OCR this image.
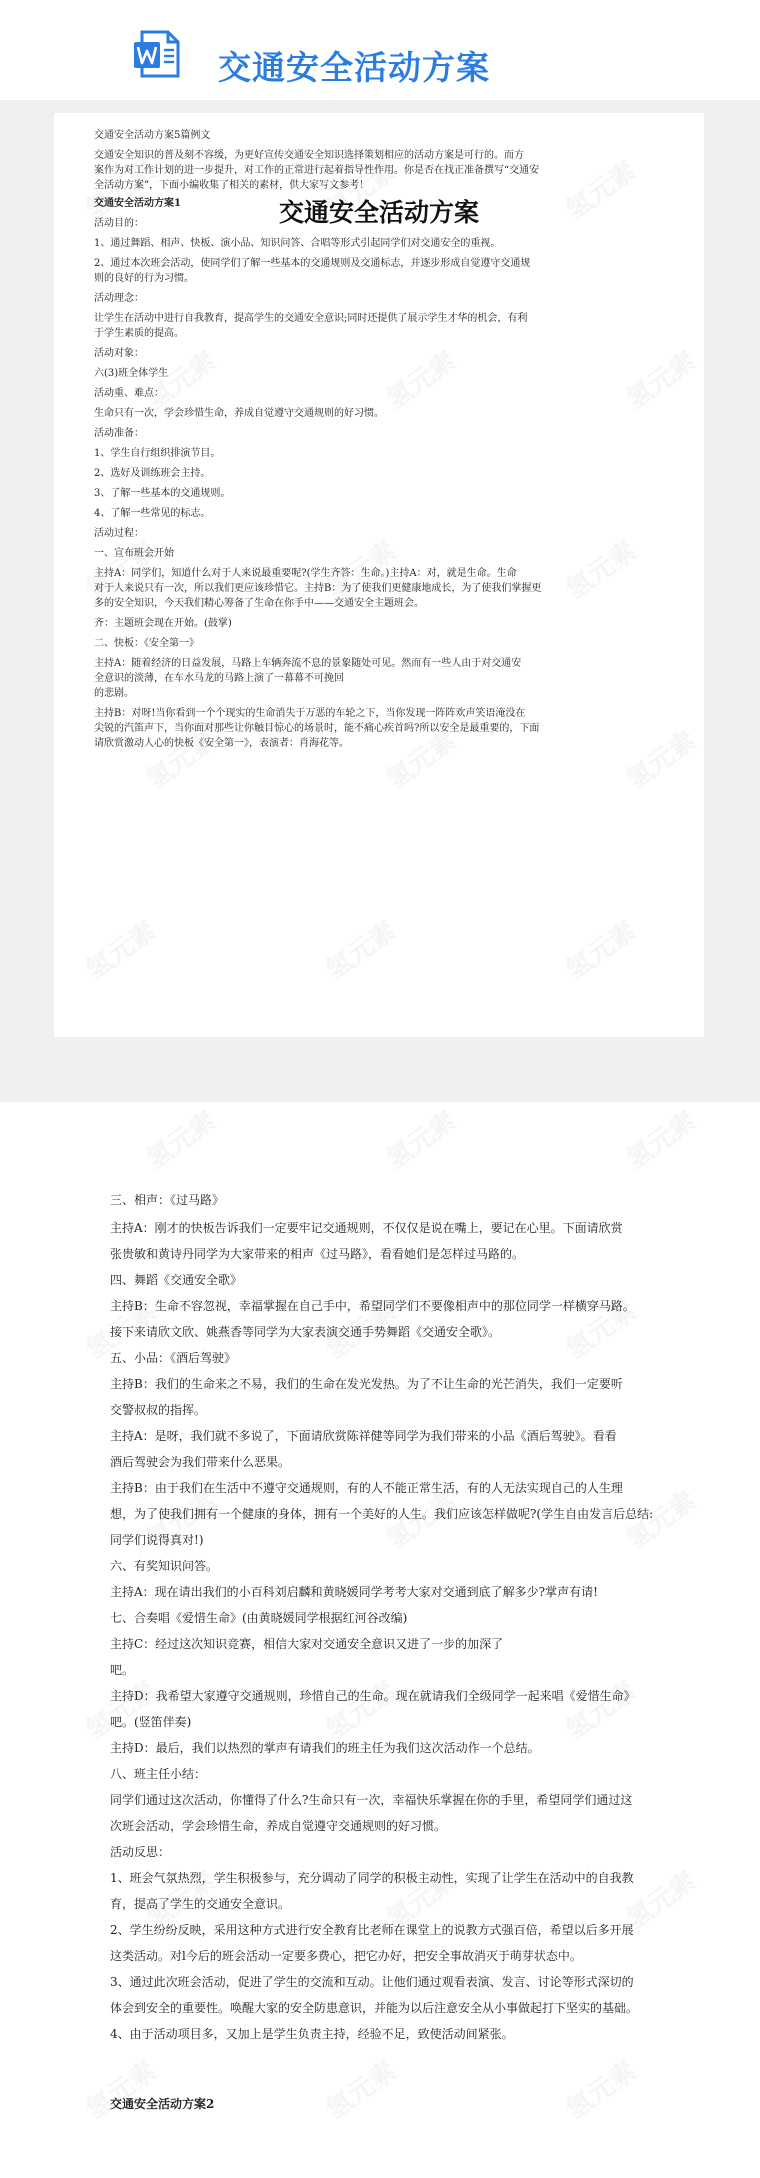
交通安全活动方案
交通安全活动方案
交通安全活动方案5篇例文
交通安全知识的普及刻不容缓，为更好宣传交通安全知识选择策划相应的活动方案是可行的。而方
案作为对工作计划的进一步提升，对工作的正常进行起着指导性作用。你是否在找正准备撰写“交通安
全活动方案”，下面小编收集了相关的素材，供大家写文参考！
交通安全活动方案1
活动目的：
1、通过舞蹈、相声、快板、演小品、知识问答、合唱等形式引起同学们对交通安全的重视。
2、通过本次班会活动，使同学们了解一些基本的交通规则及交通标志，并逐步形成自觉遵守交通规
则的良好的行为习惯。
活动理念：
让学生在活动中进行自我教育，提高学生的交通安全意识;同时还提供了展示学生才华的机会，有利
于学生素质的提高。
活动对象：
六(3)班全体学生
活动重、难点：
生命只有一次，学会珍惜生命，养成自觉遵守交通规则的好习惯。
活动准备：
1、学生自行组织排演节目。
2、选好及训练班会主持。
3、了解一些基本的交通规则。
4、了解一些常见的标志。
活动过程：
一、宣布班会开始
主持A：同学们，知道什么对于人来说最重要呢?(学生齐答：生命。)主持A：对，就是生命。生命
对于人来说只有一次，所以我们更应该珍惜它。主持B：为了使我们更健康地成长，为了使我们掌握更
多的安全知识，今天我们精心筹备了生命在你手中——交通安全主题班会。
齐：主题班会现在开始。(鼓掌)
二、快板：《安全第一》
主持A：随着经济的日益发展，马路上车辆奔流不息的景象随处可见。然而有一些人由于对交通安
全意识的淡薄，在车水马龙的马路上演了一幕幕不可挽回
的悲剧。
主持B：对呀!当你看到一个个现实的生命消失于万恶的车轮之下，当你发现一阵阵欢声笑语淹没在
尖锐的汽笛声下，当你面对那些让你触目惊心的场景时，能不痛心疾首吗?所以安全是最重要的，下面
请欣赏激动人心的快板《安全第一》，表演者：肖海花等。
三、相声：《过马路》
主持A：刚才的快板告诉我们一定要牢记交通规则，不仅仅是说在嘴上，要记在心里。下面请欣赏
张贵敏和黄诗丹同学为大家带来的相声《过马路》，看看她们是怎样过马路的。
四、舞蹈《交通安全歌》
主持B：生命不容忽视，幸福掌握在自己手中，希望同学们不要像相声中的那位同学一样横穿马路。
接下来请欣文欣、姚燕香等同学为大家表演交通手势舞蹈《交通安全歌》。
五、小品：《酒后驾驶》
主持B：我们的生命来之不易，我们的生命在发光发热。为了不让生命的光芒消失，我们一定要听
交警叔叔的指挥。
主持A：是呀，我们就不多说了，下面请欣赏陈祥健等同学为我们带来的小品《酒后驾驶》。看看
酒后驾驶会为我们带来什么恶果。
主持B：由于我们在生活中不遵守交通规则，有的人不能正常生活，有的人无法实现自己的人生理
想，为了使我们拥有一个健康的身体，拥有一个美好的人生。我们应该怎样做呢?(学生自由发言后总结:
同学们说得真对!)
六、有奖知识问答。
主持A：现在请出我们的小百科刘启麟和黄晓媛同学考考大家对交通到底了解多少?掌声有请!
七、合奏唱《爱惜生命》(由黄晓媛同学根据红河谷改编)
主持C：经过这次知识竞赛，相信大家对交通安全意识又进了一步的加深了
吧。
主持D：我希望大家遵守交通规则，珍惜自己的生命。现在就请我们全级同学一起来唱《爱惜生命》
吧。(竖笛伴奏)
主持D：最后，我们以热烈的掌声有请我们的班主任为我们这次活动作一个总结。
八、班主任小结：
同学们通过这次活动，你懂得了什么?生命只有一次，幸福快乐掌握在你的手里，希望同学们通过这
次班会活动，学会珍惜生命，养成自觉遵守交通规则的好习惯。
活动反思：
1、班会气氛热烈，学生积极参与，充分调动了同学的积极主动性，实现了让学生在活动中的自我教
育，提高了学生的交通安全意识。
2、学生纷纷反映，采用这种方式进行安全教育比老师在课堂上的说教方式强百倍，希望以后多开展
这类活动。对l今后的班会活动一定要多费心，把它办好，把安全事故消灭于萌芽状态中。
3、通过此次班会活动，促进了学生的交流和互动。让他们通过观看表演、发言、讨论等形式深切的
体会到安全的重要性。唤醒大家的安全防患意识，并能为以后注意安全从小事做起打下坚实的基础。
4、由于活动项目多，又加上是学生负责主持，经验不足，致使活动间紧张。
交通安全活动方案2
